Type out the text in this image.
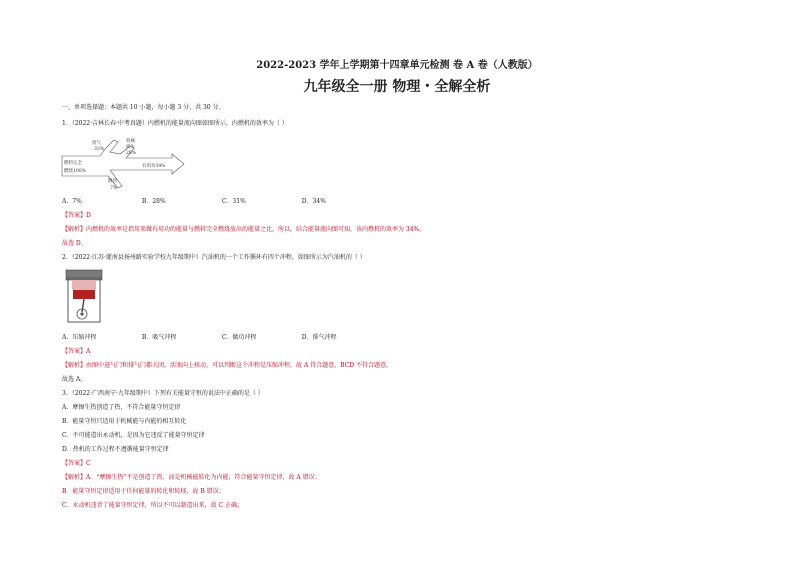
2022-2023 学年上学期第十四章单元检测 卷 A 卷（人教版）
九年级全一册 物理・全解全析
一、单项选择题：本题共 10 小题，每小题 3 分，共 30 分。
1．（2022·吉林长春·中考真题）内燃机的能量流向图如图所示。内燃机的效率为（ ）
废气
33%
机械
损失
28%
有用功34%
燃料完全
燃烧100%
散热
7%
A．7%	B．28%	C．31%	D．34%
【答案】D
【解析】内燃机的效率是指用来做有用功的能量与燃料完全燃烧放出的能量之比，所以，结合能量流向图可知，该内燃机的效率为 34%。
故选 D。
2．（2022·江苏·灌南县扬州路实验学校九年级期中）汽油机的一个工作循环有四个冲程，如图所示为汽油机的（ ）
A．压缩冲程	B．吸气冲程	C．做功冲程	D．排气冲程
【答案】A
【解析】由图中进气门和排气门都关闭，活塞向上移动，可以判断这个冲程是压缩冲程，故 A 符合题意，BCD 不符合题意。
故选 A。
3．（2022·广西南宁·九年级期中）下列有关能量守恒的说法中正确的是（ ）
A．摩擦生热创造了热，不符合能量守恒定律
B．能量守恒只适用于机械能与内能的相互转化
C．不可能造出永动机，是因为它违反了能量守恒定律
D．热机的工作过程不遵循能量守恒定律
【答案】C
【解析】A．“摩擦生热”不是创造了热，而是机械能转化为内能，符合能量守恒定律，故 A 错误；
B．能量守恒定律适用于任何能量的转化和转移，故 B 错误；
C．永动机违背了能量守恒定律，所以不可以制造出来，故 C 正确；
